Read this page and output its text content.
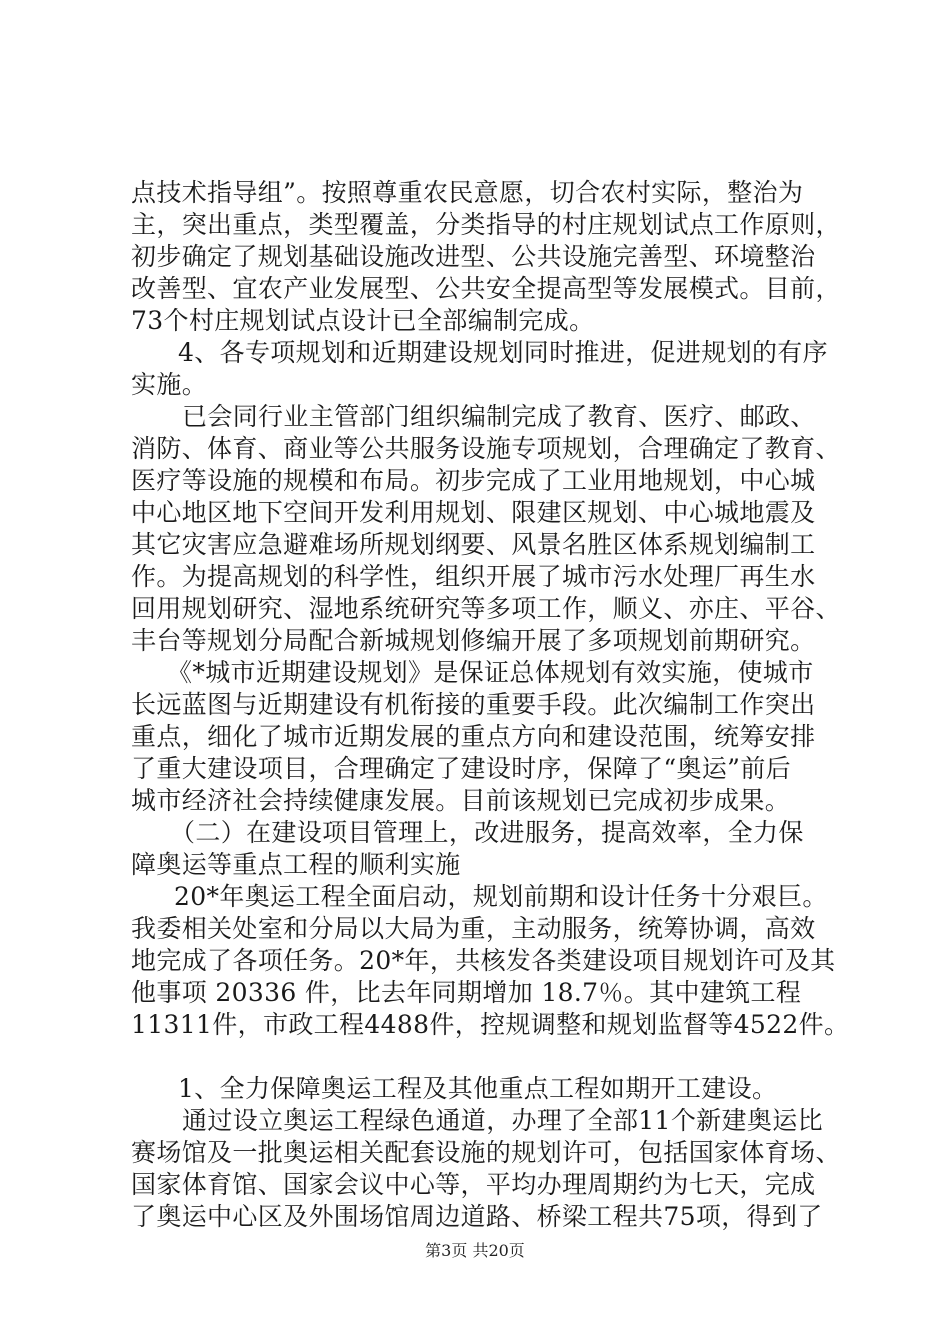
点技术指导组”。按照尊重农民意愿，切合农村实际，整治为
主，突出重点，类型覆盖，分类指导的村庄规划试点工作原则，
初步确定了规划基础设施改进型、公共设施完善型、环境整治
改善型、宜农产业发展型、公共安全提高型等发展模式。目前，
73个村庄规划试点设计已全部编制完成。
4、各专项规划和近期建设规划同时推进，促进规划的有序
实施。
已会同行业主管部门组织编制完成了教育、医疗、邮政、
消防、体育、商业等公共服务设施专项规划，合理确定了教育、
医疗等设施的规模和布局。初步完成了工业用地规划，中心城
中心地区地下空间开发利用规划、限建区规划、中心城地震及
其它灾害应急避难场所规划纲要、风景名胜区体系规划编制工
作。为提高规划的科学性，组织开展了城市污水处理厂再生水
回用规划研究、湿地系统研究等多项工作，顺义、亦庄、平谷、
丰台等规划分局配合新城规划修编开展了多项规划前期研究。
《*城市近期建设规划》是保证总体规划有效实施，使城市
长远蓝图与近期建设有机衔接的重要手段。此次编制工作突出
重点，细化了城市近期发展的重点方向和建设范围，统筹安排
了重大建设项目，合理确定了建设时序，保障了“奥运”前后
城市经济社会持续健康发展。目前该规划已完成初步成果。
（二）在建设项目管理上，改进服务，提高效率，全力保
障奥运等重点工程的顺利实施
20*年奥运工程全面启动，规划前期和设计任务十分艰巨。
我委相关处室和分局以大局为重，主动服务，统筹协调，高效
地完成了各项任务。20*年，共核发各类建设项目规划许可及其
他事项 20336 件，比去年同期增加 18.7％。其中建筑工程
11311件，市政工程4488件，控规调整和规划监督等4522件。
1、全力保障奥运工程及其他重点工程如期开工建设。
通过设立奥运工程绿色通道，办理了全部11个新建奥运比
赛场馆及一批奥运相关配套设施的规划许可，包括国家体育场、
国家体育馆、国家会议中心等，平均办理周期约为七天，完成
了奥运中心区及外围场馆周边道路、桥梁工程共75项，得到了
第3页 共20页
